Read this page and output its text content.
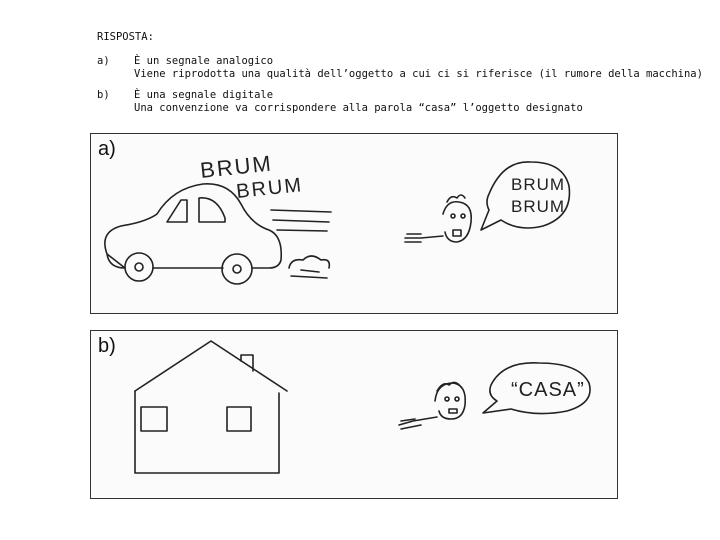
RISPOSTA:
a) È un segnale analogico
Viene riprodotta una qualità dell’oggetto a cui ci si riferisce (il rumore della macchina)
b) È una segnale digitale
Una convenzione va corrispondere alla parola “casa” l’oggetto designato
a)
BRUM
BRUM	BRUM
BRUM
b)
“CASA”
